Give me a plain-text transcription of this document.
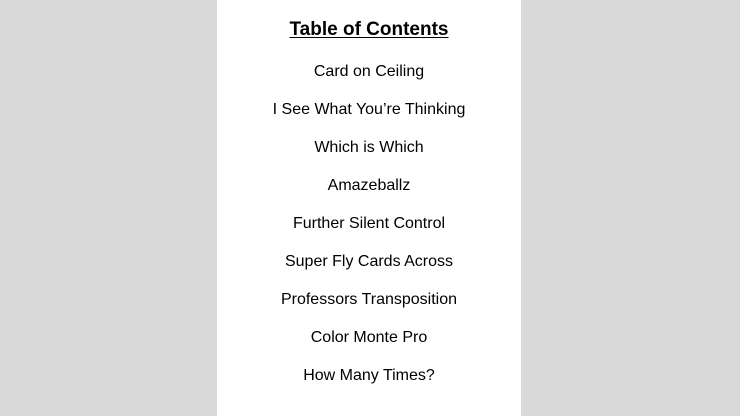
Table of Contents
Card on Ceiling
I See What You’re Thinking
Which is Which
Amazeballz
Further Silent Control
Super Fly Cards Across
Professors Transposition
Color Monte Pro
How Many Times?
